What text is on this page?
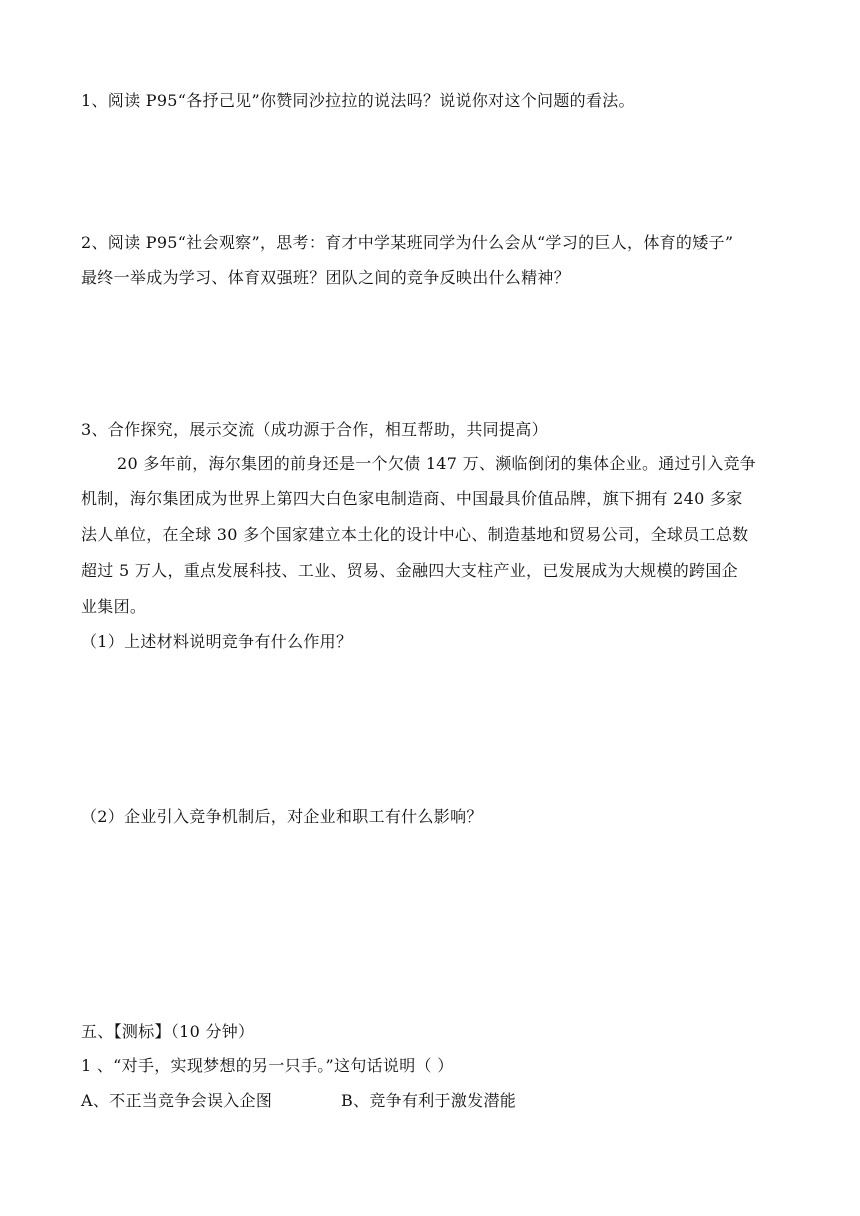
1、阅读 P95“各抒己见”你赞同沙拉拉的说法吗？说说你对这个问题的看法。
2、阅读 P95“社会观察”，思考：育才中学某班同学为什么会从“学习的巨人，体育的矮子”
最终一举成为学习、体育双强班？团队之间的竞争反映出什么精神？
3、合作探究，展示交流（成功源于合作，相互帮助，共同提高）
20 多年前，海尔集团的前身还是一个欠债 147 万、濒临倒闭的集体企业。通过引入竞争
机制，海尔集团成为世界上第四大白色家电制造商、中国最具价值品牌，旗下拥有 240 多家
法人单位，在全球 30 多个国家建立本土化的设计中心、制造基地和贸易公司，全球员工总数
超过 5 万人，重点发展科技、工业、贸易、金融四大支柱产业，已发展成为大规模的跨国企
业集团。
（1）上述材料说明竞争有什么作用？
（2）企业引入竞争机制后，对企业和职工有什么影响？
五、【测标】（10 分钟）
1 、“对手，实现梦想的另一只手。”这句话说明（ ）
A、不正当竞争会误入企图	B、竞争有利于激发潜能
